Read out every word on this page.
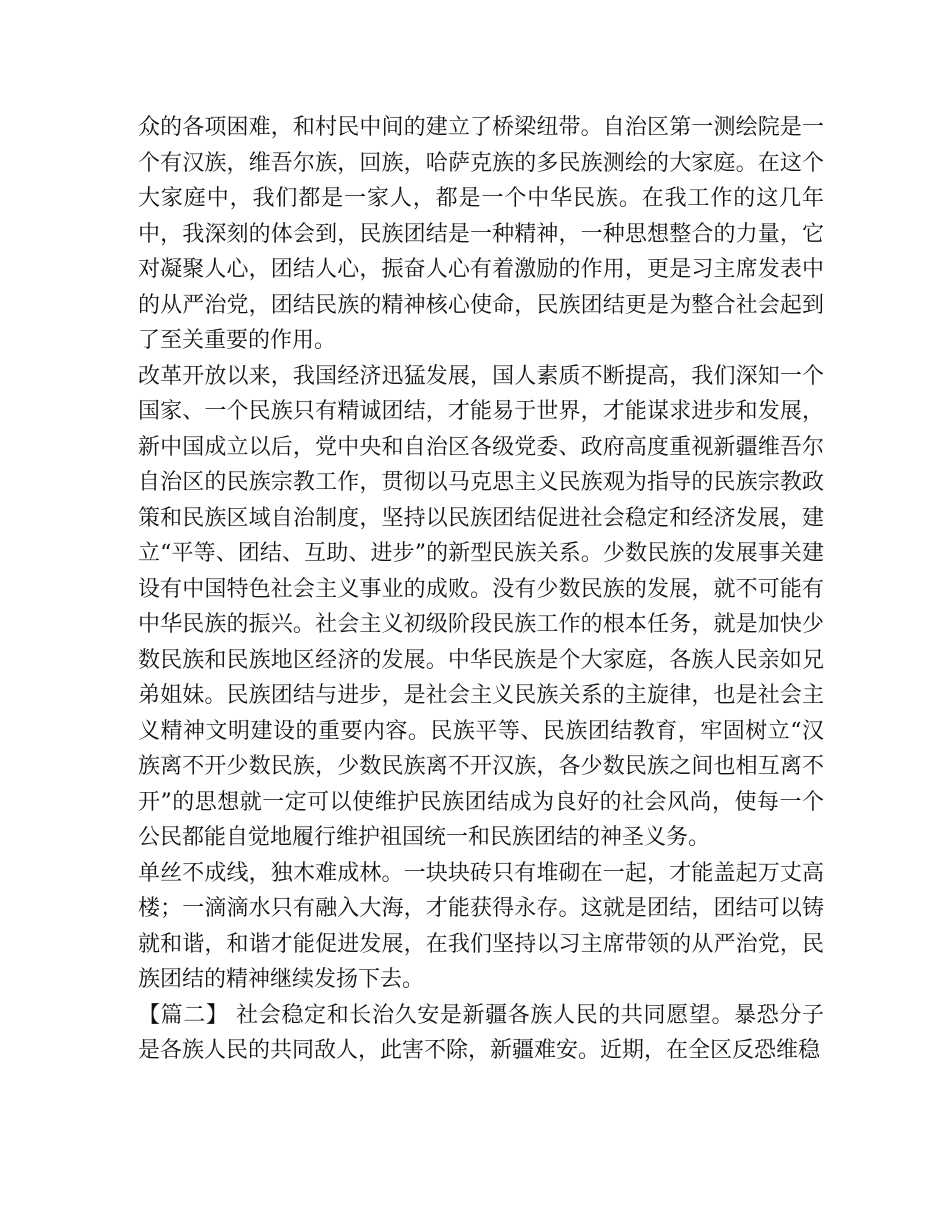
众的各项困难，和村民中间的建立了桥梁纽带。自治区第一测绘院是一个有汉族，维吾尔族，回族，哈萨克族的多民族测绘的大家庭。在这个大家庭中，我们都是一家人，都是一个中华民族。在我工作的这几年中，我深刻的体会到，民族团结是一种精神，一种思想整合的力量，它对凝聚人心，团结人心，振奋人心有着激励的作用，更是习主席发表中的从严治党，团结民族的精神核心使命，民族团结更是为整合社会起到了至关重要的作用。

改革开放以来，我国经济迅猛发展，国人素质不断提高，我们深知一个国家、一个民族只有精诚团结，才能易于世界，才能谋求进步和发展，新中国成立以后，党中央和自治区各级党委、政府高度重视新疆维吾尔自治区的民族宗教工作，贯彻以马克思主义民族观为指导的民族宗教政策和民族区域自治制度，坚持以民族团结促进社会稳定和经济发展，建立“平等、团结、互助、进步”的新型民族关系。少数民族的发展事关建设有中国特色社会主义事业的成败。没有少数民族的发展，就不可能有中华民族的振兴。社会主义初级阶段民族工作的根本任务，就是加快少数民族和民族地区经济的发展。中华民族是个大家庭，各族人民亲如兄弟姐妹。民族团结与进步，是社会主义民族关系的主旋律，也是社会主义精神文明建设的重要内容。民族平等、民族团结教育，牢固树立“汉族离不开少数民族，少数民族离不开汉族，各少数民族之间也相互离不开”的思想就一定可以使维护民族团结成为良好的社会风尚，使每一个公民都能自觉地履行维护祖国统一和民族团结的神圣义务。

单丝不成线，独木难成林。一块块砖只有堆砌在一起，才能盖起万丈高楼；一滴滴水只有融入大海，才能获得永存。这就是团结，团结可以铸就和谐，和谐才能促进发展，在我们坚持以习主席带领的从严治党，民族团结的精神继续发扬下去。

【篇二】 社会稳定和长治久安是新疆各族人民的共同愿望。暴恐分子是各族人民的共同敌人，此害不除，新疆难安。近期，在全区反恐维稳
